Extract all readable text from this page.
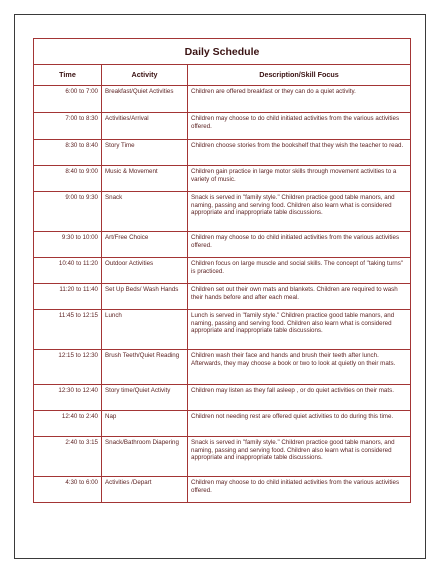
Daily Schedule		
Time	Activity	Description/Skill Focus
6:00 to 7:00	Breakfast/Quiet Activities	Children are offered breakfast or they can do a quiet activity.
7:00 to 8:30	Activities/Arrival	Children may choose to do child initiated activities from the various activities offered.
8:30 to 8:40	Story Time	Children choose stories from the bookshelf that they wish the teacher to read.
8:40 to 9:00	Music & Movement	Children gain practice in large motor skills through movement activities to a variety of music.
9:00 to 9:30	Snack	Snack is served in "family style." Children practice good table manors, and naming, passing and serving food. Children also learn what is considered appropriate and inappropriate table discussions.
9:30 to 10:00	Art/Free Choice	Children may choose to do child initiated activities from the various activities offered.
10:40 to 11:20	Outdoor Activities	Children focus on large muscle and social skills. The concept of "taking turns" is practiced.
11:20 to 11:40	Set Up Beds/ Wash Hands	Children set out their own mats and blankets. Children are required to wash their hands before and after each meal.
11:45 to 12:15	Lunch	Lunch is served in "family style." Children practice good table manors, and naming, passing and serving food. Children also learn what is considered appropriate and inappropriate table discussions.
12:15 to 12:30	Brush Teeth/Quiet Reading	Children wash their face and hands and brush their teeth after lunch. Afterwards, they may choose a book or two to look at quietly on their mats.
12:30 to 12:40	Story time/Quiet Activity	Children may listen as they fall asleep , or do quiet activities on their mats.
12:40 to 2:40	Nap	Children not needing rest are offered quiet activities to do during this time.
2:40 to 3:15	Snack/Bathroom Diapering	Snack is served in "family style." Children practice good table manors, and naming, passing and serving food. Children also learn what is considered appropriate and inappropriate table discussions.
4:30 to 6:00	Activities /Depart	Children may choose to do child initiated activities from the various activities offered.
